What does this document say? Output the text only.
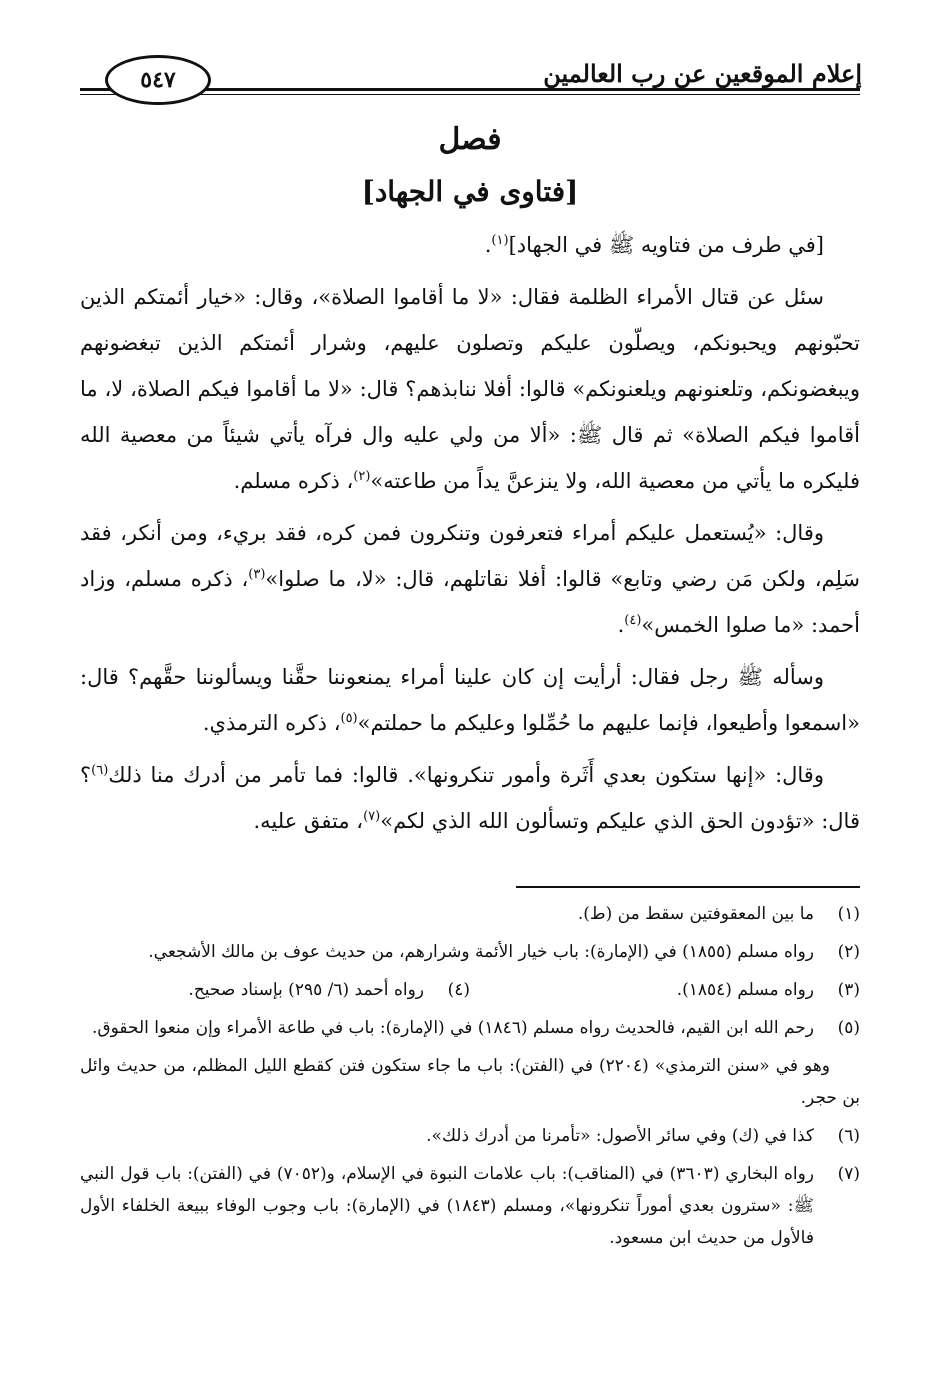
إعلام الموقعين عن رب العالمين
٥٤٧
فصل
[فتاوى في الجهاد]

[في طرف من فتاويه ﷺ في الجهاد]$^{(١)}$.

سئل عن قتال الأمراء الظلمة فقال: «لا ما أقاموا الصلاة»، وقال: «خيار أئمتكم الذين تحبّونهم ويحبونكم، ويصلّون عليكم وتصلون عليهم، وشرار أئمتكم الذين تبغضونهم ويبغضونكم، وتلعنونهم ويلعنونكم» قالوا: أفلا ننابذهم؟ قال: «لا ما أقاموا فيكم الصلاة، لا، ما أقاموا فيكم الصلاة» ثم قال ﷺ: «ألا من ولي عليه وال فرآه يأتي شيئاً من معصية الله فليكره ما يأتي من معصية الله، ولا ينزعنَّ يداً من طاعته»$^{(٢)}$، ذكره مسلم.

وقال: «يُستعمل عليكم أمراء فتعرفون وتنكرون فمن كره، فقد بريء، ومن أنكر، فقد سَلِم، ولكن مَن رضي وتابع» قالوا: أفلا نقاتلهم، قال: «لا، ما صلوا»$^{(٣)}$، ذكره مسلم، وزاد أحمد: «ما صلوا الخمس»$^{(٤)}$.

وسأله ﷺ رجل فقال: أرأيت إن كان علينا أمراء يمنعوننا حقَّنا ويسألوننا حقَّهم؟ قال: «اسمعوا وأطيعوا، فإنما عليهم ما حُمِّلوا وعليكم ما حملتم»$^{(٥)}$، ذكره الترمذي.

وقال: «إنها ستكون بعدي أَثَرة وأمور تنكرونها». قالوا: فما تأمر من أدرك منا ذلك$^{(٦)}$؟ قال: «تؤدون الحق الذي عليكم وتسألون الله الذي لكم»$^{(٧)}$، متفق عليه.

(١)
ما بين المعقوفتين سقط من (ط).
(٢)
رواه مسلم (١٨٥٥) في (الإمارة): باب خيار الأئمة وشرارهم، من حديث عوف بن مالك الأشجعي.
(٣)
رواه مسلم (١٨٥٤).
(٤)
رواه أحمد (٦/ ٢٩٥) بإسناد صحيح.
(٥)
رحم الله ابن القيم، فالحديث رواه مسلم (١٨٤٦) في (الإمارة): باب في طاعة الأمراء وإن منعوا الحقوق.
وهو في «سنن الترمذي» (٢٢٠٤) في (الفتن): باب ما جاء ستكون فتن كقطع الليل المظلم، من حديث وائل بن حجر.
(٦)
كذا في (ك) وفي سائر الأصول: «تأمرنا من أدرك ذلك».
(٧)
رواه البخاري (٣٦٠٣) في (المناقب): باب علامات النبوة في الإسلام، و(٧٠٥٢) في (الفتن): باب قول النبي ﷺ: «سترون بعدي أموراً تنكرونها»، ومسلم (١٨٤٣) في (الإمارة): باب وجوب الوفاء ببيعة الخلفاء الأول فالأول من حديث ابن مسعود.
